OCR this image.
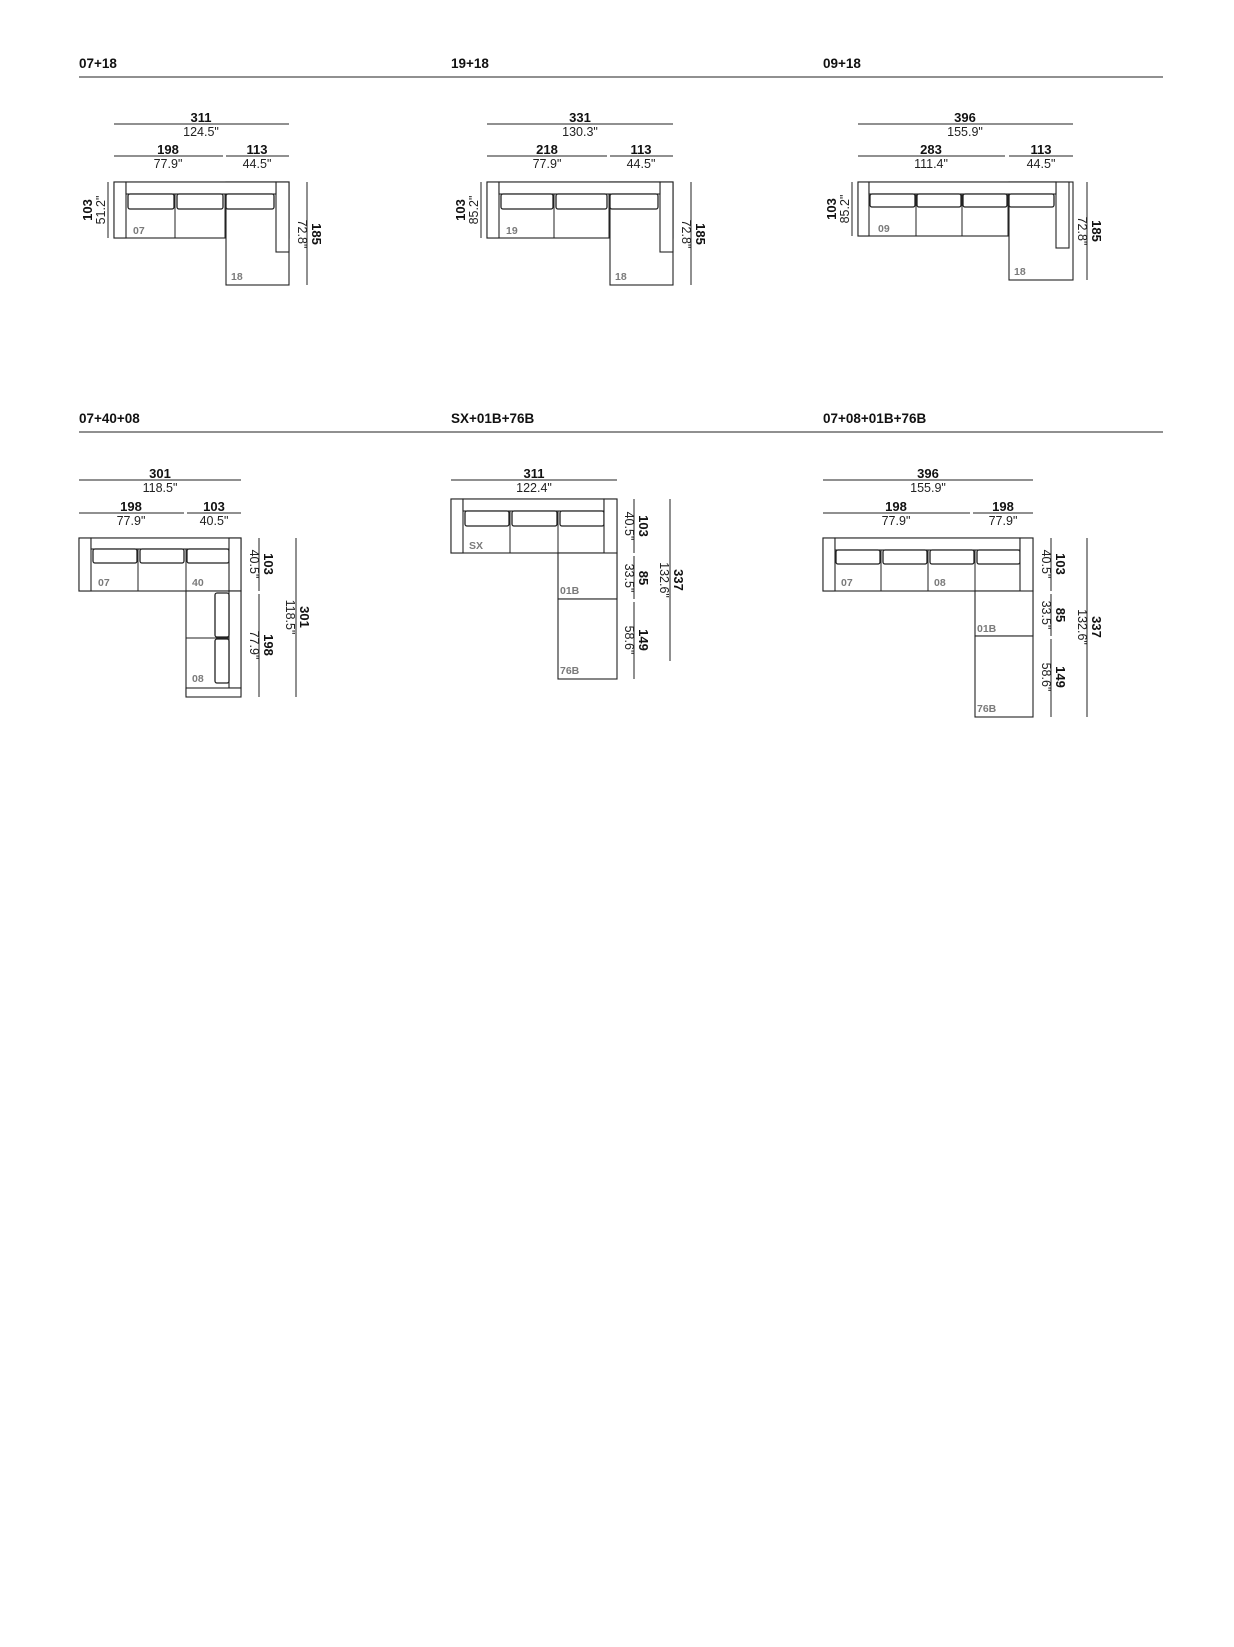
07+18
311
124.5"
198
77.9"
113
44.5"
07
18
103 51.2"
185
72.8"
19+18
331
130.3"
218
77.9"
113
44.5"
19
18
103 85.2"
185
72.8"
09+18
396
155.9"
283
111.4"
113
44.5"
09
18
103 85.2"
185
72.8"
07+40+08
301
118.5"
198
77.9"
103
40.5"
07	40
08
103
40.5"
198
77.9"
301
118.5"
SX+01B+76B
311
122.4"
SX
01B
76B
103
40.5"
85
33.5"
149
58.6"
337
132.6"
07+08+01B+76B
396
155.9"
198
77.9"
198
77.9"
07	08
01B
76B
103
40.5"
85
33.5"
149
58.6"
337
132.6"
